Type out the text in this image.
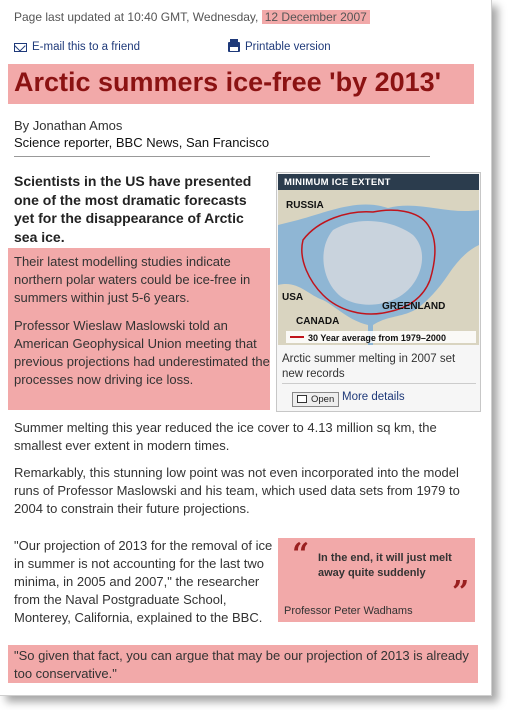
Page last updated at 10:40 GMT, Wednesday, 12 December 2007
E-mail this to a friend	Printable version
Arctic summers ice-free 'by 2013'
By Jonathan Amos
Science reporter, BBC News, San Francisco
Scientists in the US have presented one of the most dramatic forecasts yet for the disappearance of Arctic sea ice.
Their latest modelling studies indicate northern polar waters could be ice-free in summers within just 5-6 years.
Professor Wieslaw Maslowski told an American Geophysical Union meeting that previous projections had underestimated the processes now driving ice loss.
MINIMUM ICE EXTENT
RUSSIA
USA
GREENLAND
CANADA
30 Year average from 1979–2000
Arctic summer melting in 2007 set new records
Open More details
Summer melting this year reduced the ice cover to 4.13 million sq km, the smallest ever extent in modern times.
Remarkably, this stunning low point was not even incorporated into the model runs of Professor Maslowski and his team, which used data sets from 1979 to 2004 to constrain their future projections.
"Our projection of 2013 for the removal of ice in summer is not accounting for the last two minima, in 2005 and 2007," the researcher from the Naval Postgraduate School, Monterey, California, explained to the BBC.
“ In the end, it will just melt away quite suddenly
”
Professor Peter Wadhams
"So given that fact, you can argue that may be our projection of 2013 is already too conservative."
